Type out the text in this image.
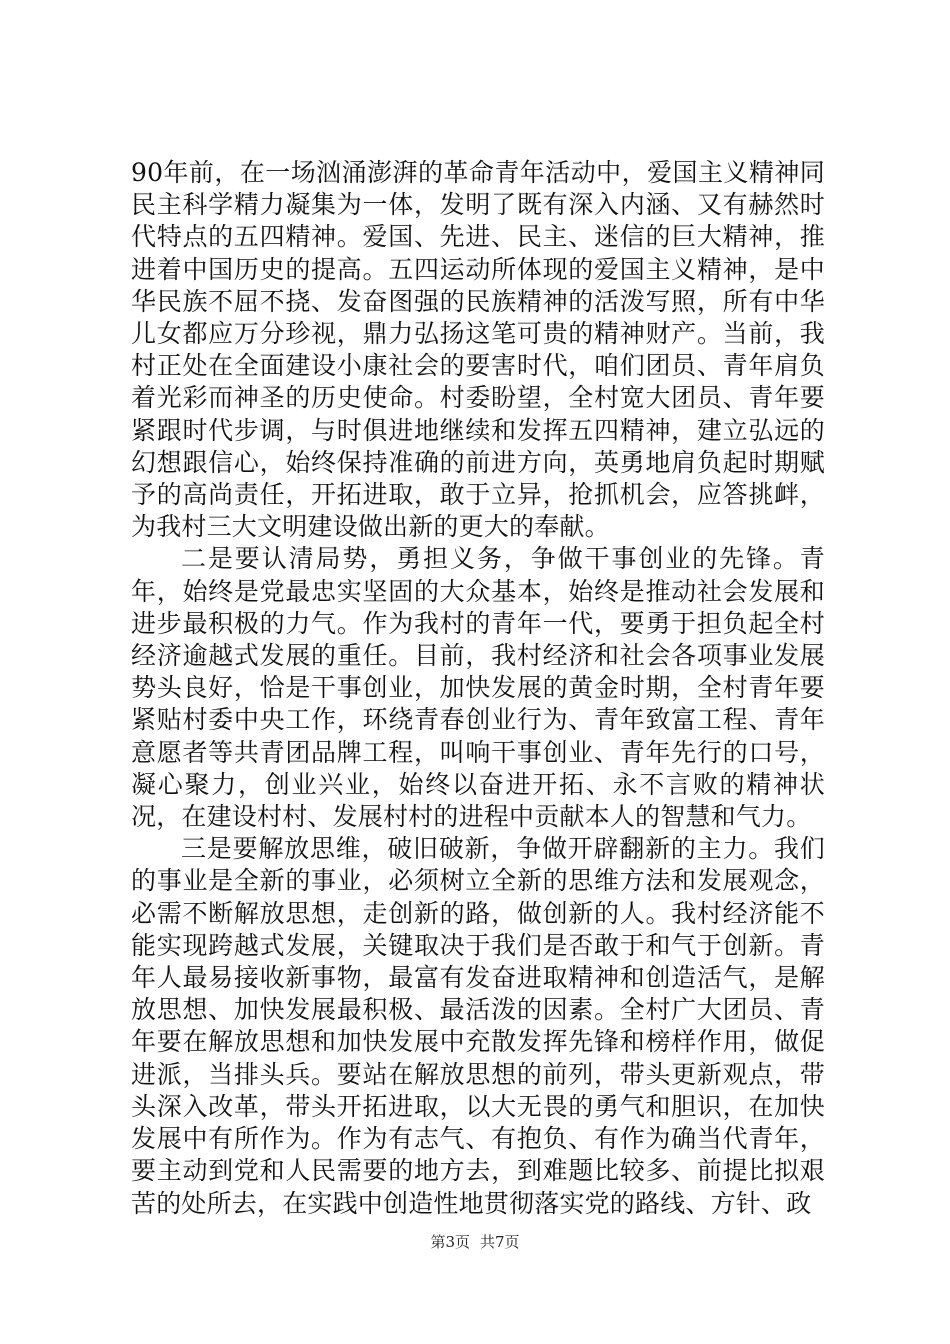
90年前，在一场汹涌澎湃的革命青年活动中，爱国主义精神同民主科学精力凝集为一体，发明了既有深入内涵、又有赫然时代特点的五四精神。爱国、先进、民主、迷信的巨大精神，推进着中国历史的提高。五四运动所体现的爱国主义精神，是中华民族不屈不挠、发奋图强的民族精神的活泼写照，所有中华儿女都应万分珍视，鼎力弘扬这笔可贵的精神财产。当前，我村正处在全面建设小康社会的要害时代，咱们团员、青年肩负着光彩而神圣的历史使命。村委盼望，全村宽大团员、青年要紧跟时代步调，与时俱进地继续和发挥五四精神，建立弘远的幻想跟信心，始终保持准确的前进方向，英勇地肩负起时期赋予的高尚责任，开拓进取，敢于立异，抢抓机会，应答挑衅，为我村三大文明建设做出新的更大的奉献。

二是要认清局势，勇担义务，争做干事创业的先锋。青年，始终是党最忠实坚固的大众基本，始终是推动社会发展和进步最积极的力气。作为我村的青年一代，要勇于担负起全村经济逾越式发展的重任。目前，我村经济和社会各项事业发展势头良好，恰是干事创业，加快发展的黄金时期，全村青年要紧贴村委中央工作，环绕青春创业行为、青年致富工程、青年意愿者等共青团品牌工程，叫响干事创业、青年先行的口号，凝心聚力，创业兴业，始终以奋进开拓、永不言败的精神状况，在建设村村、发展村村的进程中贡献本人的智慧和气力。

三是要解放思维，破旧破新，争做开辟翻新的主力。我们的事业是全新的事业，必须树立全新的思维方法和发展观念，必需不断解放思想，走创新的路，做创新的人。我村经济能不能实现跨越式发展，关键取决于我们是否敢于和气于创新。青年人最易接收新事物，最富有发奋进取精神和创造活气，是解放思想、加快发展最积极、最活泼的因素。全村广大团员、青年要在解放思想和加快发展中充散发挥先锋和榜样作用，做促进派，当排头兵。要站在解放思想的前列，带头更新观点，带头深入改革，带头开拓进取，以大无畏的勇气和胆识，在加快发展中有所作为。作为有志气、有抱负、有作为确当代青年，要主动到党和人民需要的地方去，到难题比较多、前提比拟艰苦的处所去，在实践中创造性地贯彻落实党的路线、方针、政

第3页 共7页
